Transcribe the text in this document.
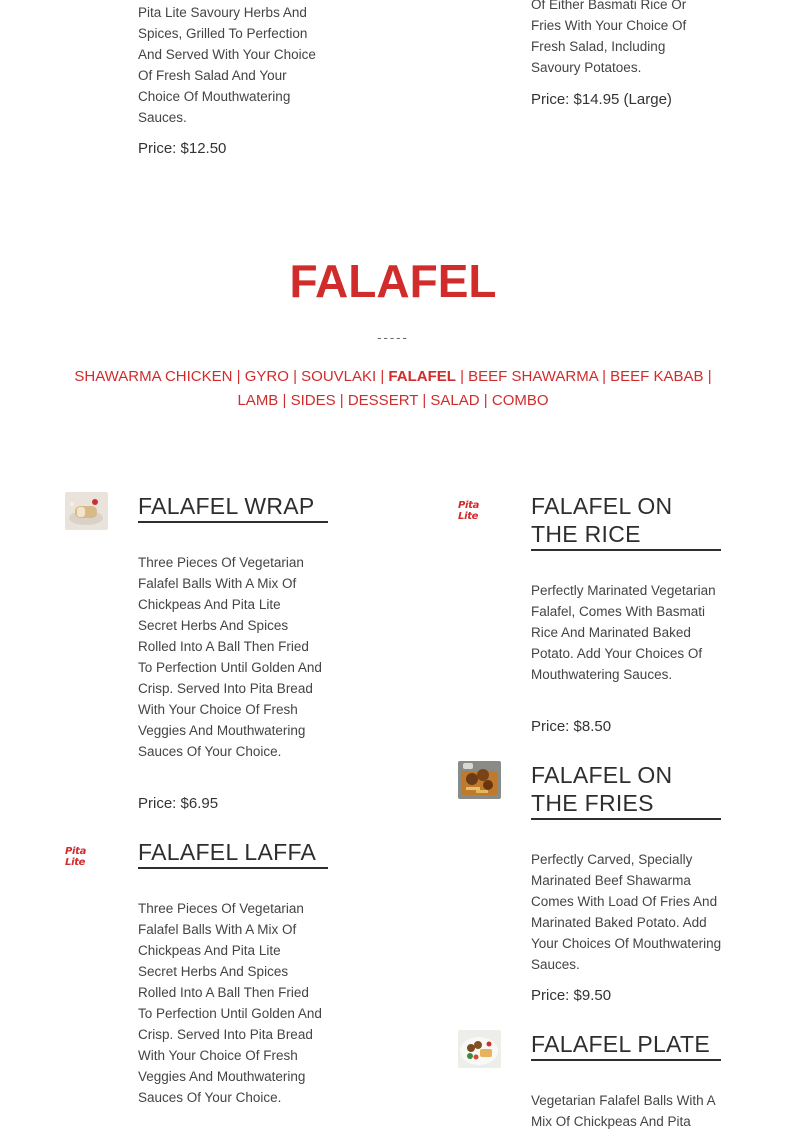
Pita Lite Savoury Herbs And Spices, Grilled To Perfection And Served With Your Choice Of Fresh Salad And Your Choice Of Mouthwatering Sauces.

Price: $12.50

Of Either Basmati Rice Or Fries With Your Choice Of Fresh Salad, Including Savoury Potatoes.

Price: $14.95 (Large)
FALAFEL
-----
SHAWARMA CHICKEN | GYRO | SOUVLAKI | FALAFEL | BEEF SHAWARMA | BEEF KABAB | LAMB | SIDES | DESSERT | SALAD | COMBO
FALAFEL WRAP

Three Pieces Of Vegetarian Falafel Balls With A Mix Of Chickpeas And Pita Lite Secret Herbs And Spices Rolled Into A Ball Then Fried To Perfection Until Golden And Crisp. Served Into Pita Bread With Your Choice Of Fresh Veggies And Mouthwatering Sauces Of Your Choice.

Price: $6.95
Pita Lite	FALAFEL LAFFA

Three Pieces Of Vegetarian Falafel Balls With A Mix Of Chickpeas And Pita Lite Secret Herbs And Spices Rolled Into A Ball Then Fried To Perfection Until Golden And Crisp. Served Into Pita Bread With Your Choice Of Fresh Veggies And Mouthwatering Sauces Of Your Choice.

Pita Lite	FALAFEL ON THE RICE

Perfectly Marinated Vegetarian Falafel, Comes With Basmati Rice And Marinated Baked Potato. Add Your Choices Of Mouthwatering Sauces.

Price: $8.50
FALAFEL ON THE FRIES

Perfectly Carved, Specially Marinated Beef Shawarma Comes With Load Of Fries And Marinated Baked Potato. Add Your Choices Of Mouthwatering Sauces.

Price: $9.50
FALAFEL PLATE

Vegetarian Falafel Balls With A Mix Of Chickpeas And Pita
